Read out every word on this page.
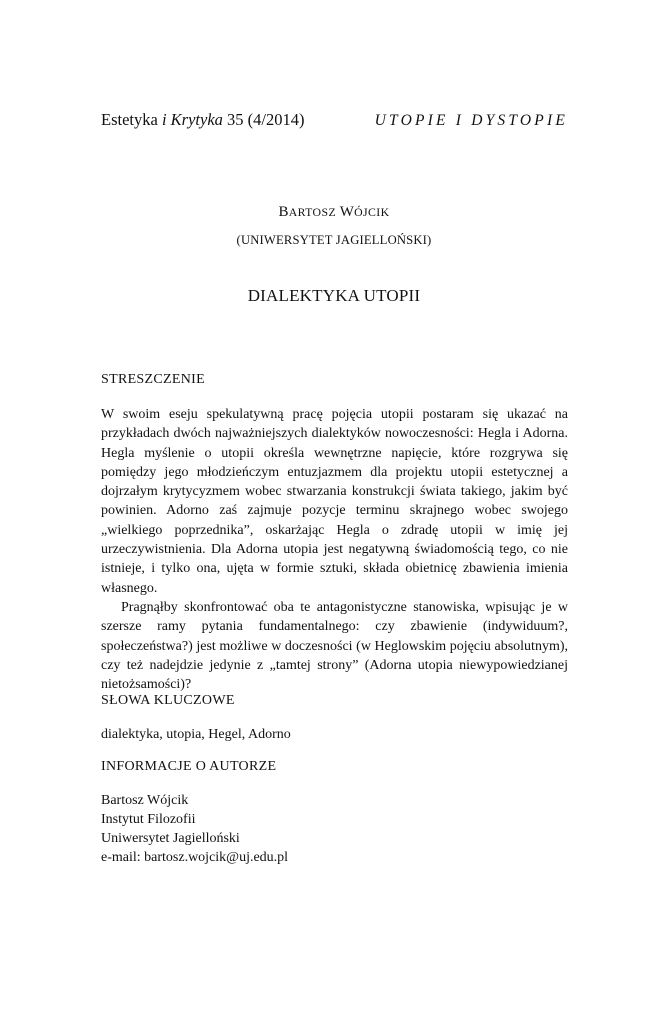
Estetyka i Krytyka 35 (4/2014)	UTOPIE I DYSTOPIE
BARTOSZ WÓJCIK
(UNIWERSYTET JAGIELLOŃSKI)
DIALEKTYKA UTOPII
STRESZCZENIE

W swoim eseju spekulatywną pracę pojęcia utopii postaram się ukazać na przykładach dwóch najważniejszych dialektyków nowoczesności: Hegla i Adorna. Hegla myślenie o utopii określa wewnętrzne napięcie, które rozgrywa się pomiędzy jego młodzieńczym entuzjazmem dla projektu utopii estetycznej a dojrzałym krytycyzmem wobec stwarzania konstrukcji świata takiego, jakim być powinien. Adorno zaś zajmuje pozycje terminu skrajnego wobec swojego „wielkiego poprzednika”, oskarżając Hegla o zdradę utopii w imię jej urzeczywistnienia. Dla Adorna utopia jest negatywną świadomością tego, co nie istnieje, i tylko ona, ujęta w formie sztuki, składa obietnicę zbawienia imienia własnego.

Pragnąłby skonfrontować oba te antagonistyczne stanowiska, wpisując je w szersze ramy pytania fundamentalnego: czy zbawienie (indywiduum?, społeczeństwa?) jest możliwe w doczesności (w Heglowskim pojęciu absolutnym), czy też nadejdzie jedynie z „tamtej strony” (Adorna utopia niewypowiedzianej nietożsamości)?

SŁOWA KLUCZOWE
dialektyka, utopia, Hegel, Adorno
INFORMACJE O AUTORZE
Bartosz Wójcik
Instytut Filozofii
Uniwersytet Jagielloński
e-mail: bartosz.wojcik@uj.edu.pl
